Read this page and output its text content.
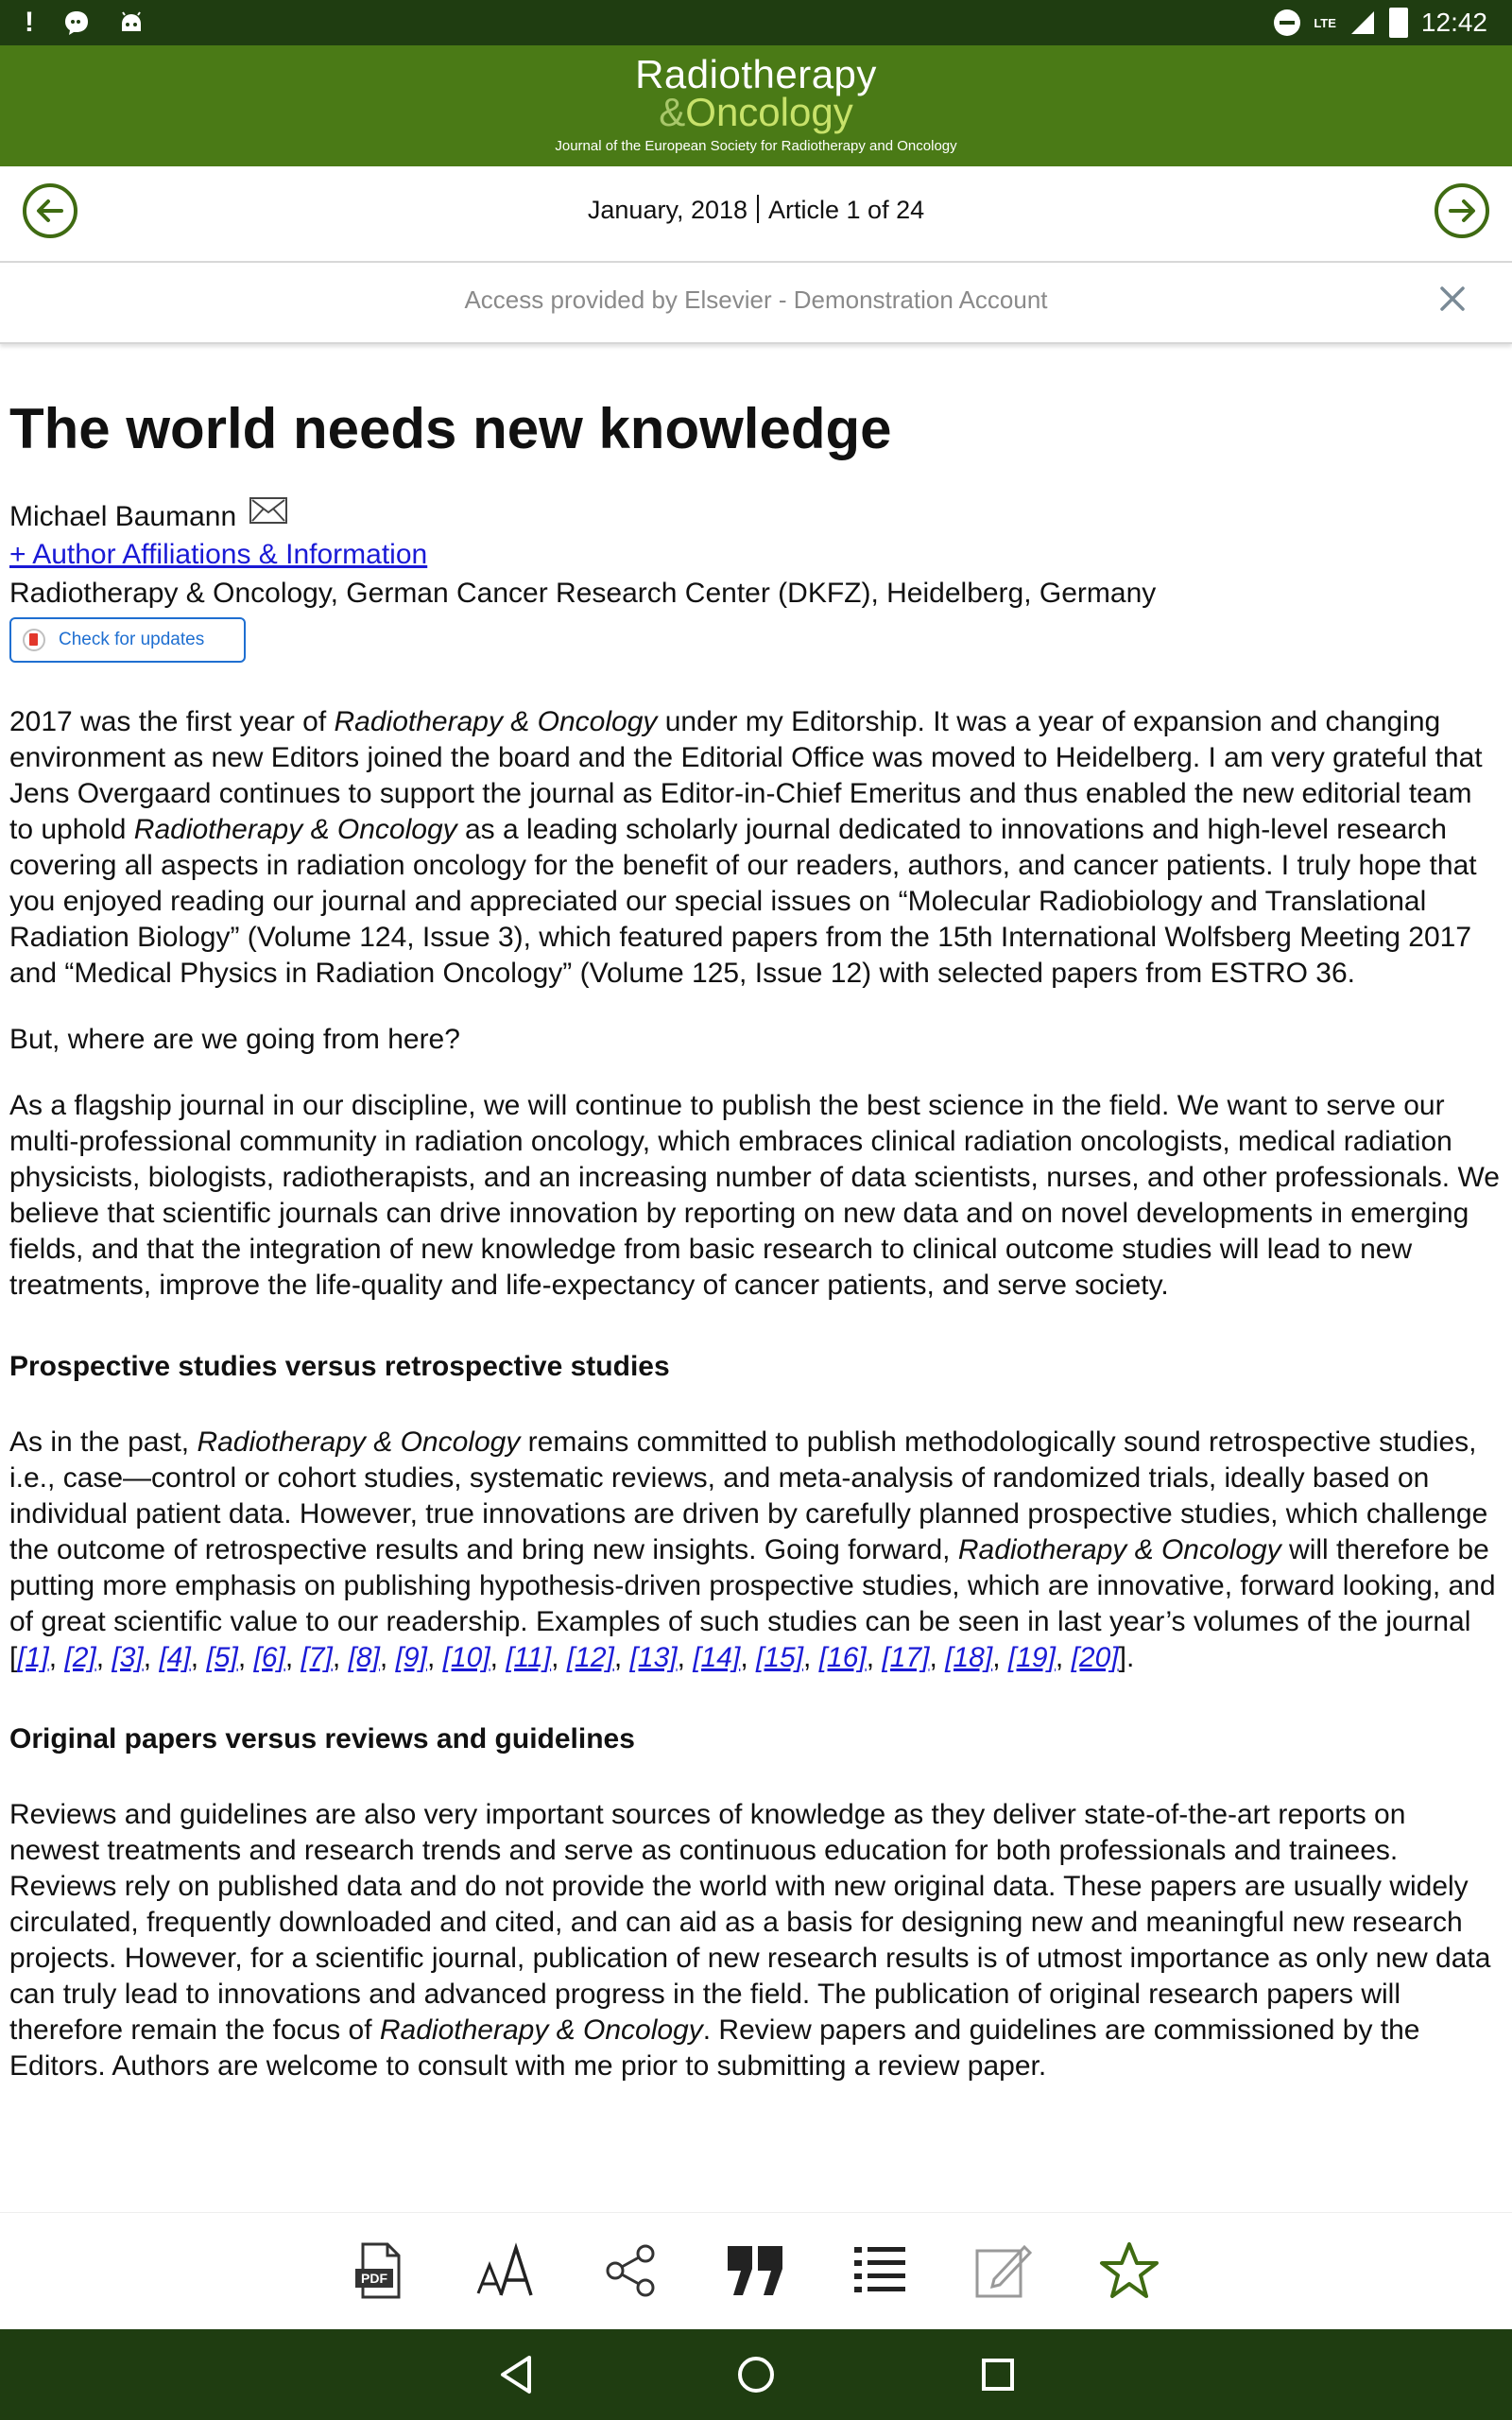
!	LTE	12:42
Radiotherapy
&Oncology
Journal of the European Society for Radiotherapy and Oncology
January, 2018 Article 1 of 24
Access provided by Elsevier - Demonstration Account
The world needs new knowledge
Michael Baumann
+ Author Affiliations & Information
Radiotherapy & Oncology, German Cancer Research Center (DKFZ), Heidelberg, Germany
Check for updates

2017 was the first year of Radiotherapy & Oncology under my Editorship. It was a year of expansion and changing environment as new Editors joined the board and the Editorial Office was moved to Heidelberg. I am very grateful that Jens Overgaard continues to support the journal as Editor-in-Chief Emeritus and thus enabled the new editorial team to uphold Radiotherapy & Oncology as a leading scholarly journal dedicated to innovations and high-level research covering all aspects in radiation oncology for the benefit of our readers, authors, and cancer patients. I truly hope that you enjoyed reading our journal and appreciated our special issues on “Molecular Radiobiology and Translational Radiation Biology” (Volume 124, Issue 3), which featured papers from the 15th International Wolfsberg Meeting 2017 and “Medical Physics in Radiation Oncology” (Volume 125, Issue 12) with selected papers from ESTRO 36.

But, where are we going from here?

As a flagship journal in our discipline, we will continue to publish the best science in the field. We want to serve our multi-professional community in radiation oncology, which embraces clinical radiation oncologists, medical radiation physicists, biologists, radiotherapists, and an increasing number of data scientists, nurses, and other professionals. We believe that scientific journals can drive innovation by reporting on new data and on novel developments in emerging fields, and that the integration of new knowledge from basic research to clinical outcome studies will lead to new treatments, improve the life-quality and life-expectancy of cancer patients, and serve society.

Prospective studies versus retrospective studies

As in the past, Radiotherapy & Oncology remains committed to publish methodologically sound retrospective studies, i.e., case—control or cohort studies, systematic reviews, and meta-analysis of randomized trials, ideally based on individual patient data. However, true innovations are driven by carefully planned prospective studies, which challenge the outcome of retrospective results and bring new insights. Going forward, Radiotherapy & Oncology will therefore be putting more emphasis on publishing hypothesis-driven prospective studies, which are innovative, forward looking, and of great scientific value to our readership. Examples of such studies can be seen in last year’s volumes of the journal [[1], [2], [3], [4], [5], [6], [7], [8], [9], [10], [11], [12], [13], [14], [15], [16], [17], [18], [19], [20]].

Original papers versus reviews and guidelines

Reviews and guidelines are also very important sources of knowledge as they deliver state-of-the-art reports on newest treatments and research trends and serve as continuous education for both professionals and trainees. Reviews rely on published data and do not provide the world with new original data. These papers are usually widely circulated, frequently downloaded and cited, and can aid as a basis for designing new and meaningful new research projects. However, for a scientific journal, publication of new research results is of utmost importance as only new data can truly lead to innovations and advanced progress in the field. The publication of original research papers will therefore remain the focus of Radiotherapy & Oncology. Review papers and guidelines are commissioned by the Editors. Authors are welcome to consult with me prior to submitting a review paper.

PDF
